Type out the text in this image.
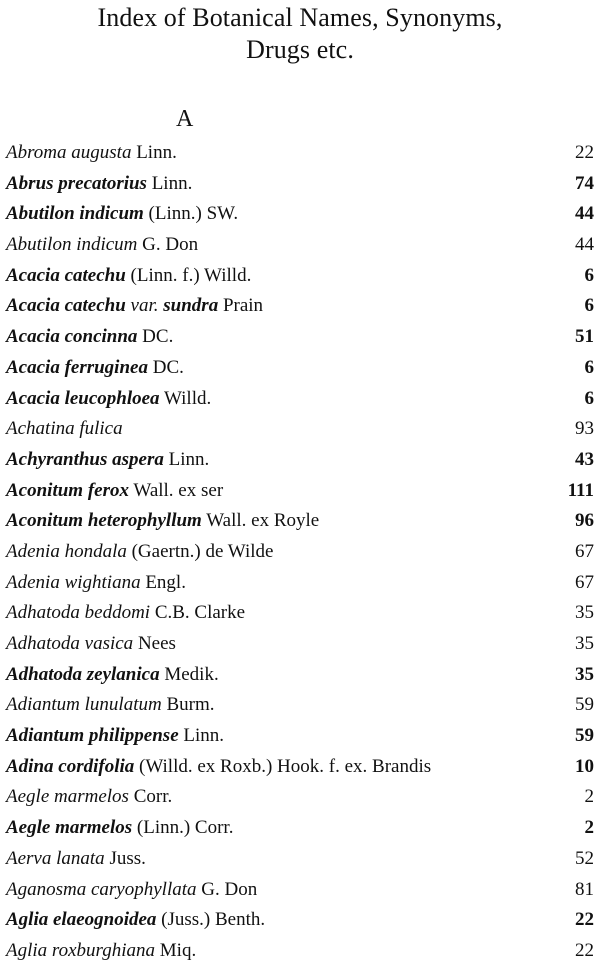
Index of Botanical Names, Synonyms,
Drugs etc.
A
Abroma augusta Linn.	22
Abrus precatorius Linn.	74
Abutilon indicum (Linn.) SW.	44
Abutilon indicum G. Don	44
Acacia catechu (Linn. f.) Willd.	6
Acacia catechu var. sundra Prain	6
Acacia concinna DC.	51
Acacia ferruginea DC.	6
Acacia leucophloea Willd.	6
Achatina fulica	93
Achyranthus aspera Linn.	43
Aconitum ferox Wall. ex ser	111
Aconitum heterophyllum Wall. ex Royle	96
Adenia hondala (Gaertn.) de Wilde	67
Adenia wightiana Engl.	67
Adhatoda beddomi C.B. Clarke	35
Adhatoda vasica Nees	35
Adhatoda zeylanica Medik.	35
Adiantum lunulatum Burm.	59
Adiantum philippense Linn.	59
Adina cordifolia (Willd. ex Roxb.) Hook. f. ex. Brandis	10
Aegle marmelos Corr.	2
Aegle marmelos (Linn.) Corr.	2
Aerva lanata Juss.	52
Aganosma caryophyllata G. Don	81
Aglia elaeognoidea (Juss.) Benth.	22
Aglia roxburghiana Miq.	22
